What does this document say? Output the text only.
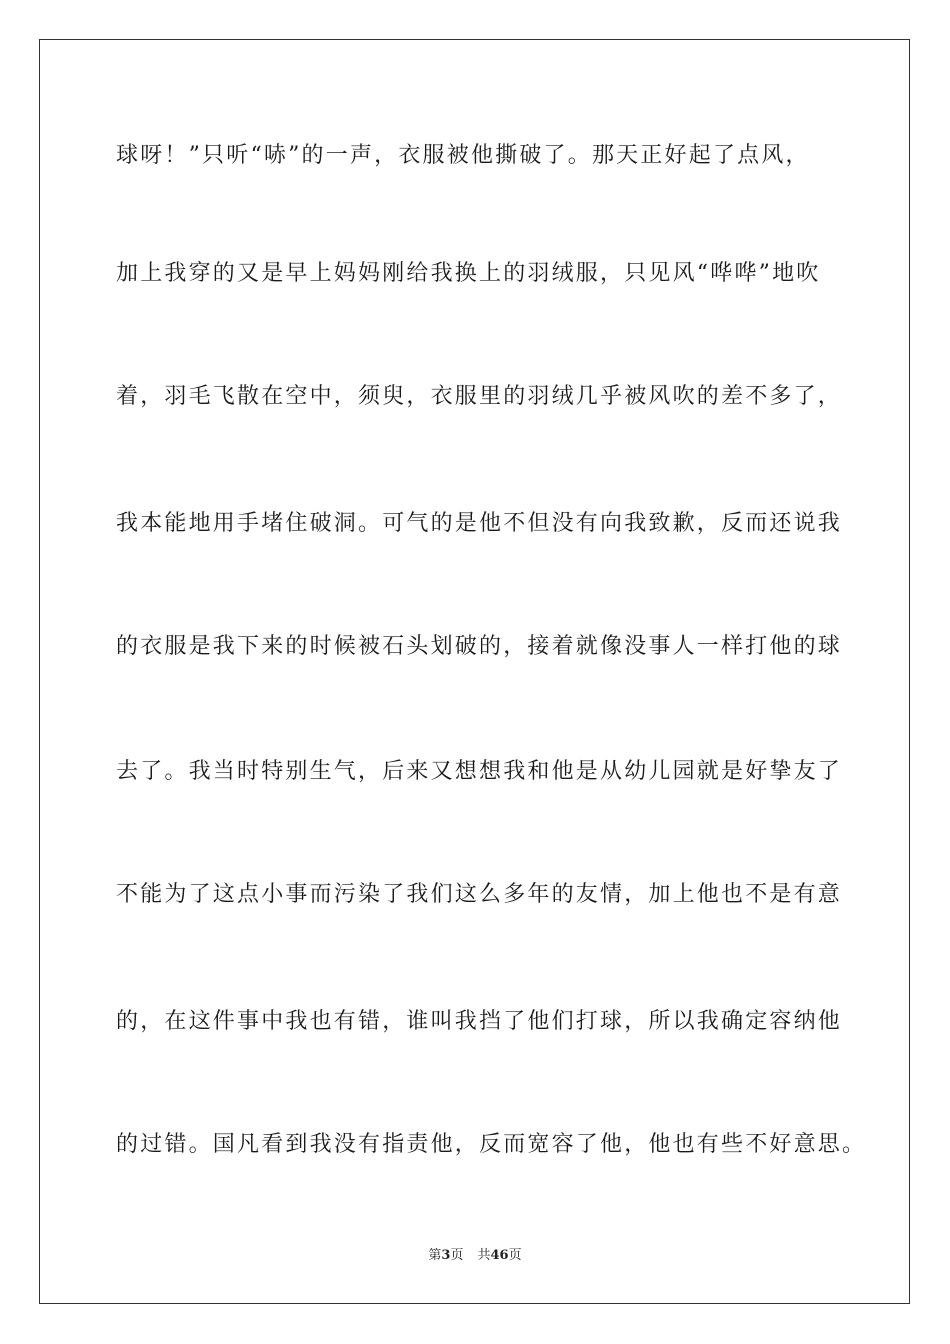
球呀！”只听“哧”的一声，衣服被他撕破了。那天正好起了点风，
加上我穿的又是早上妈妈刚给我换上的羽绒服，只见风“哗哗”地吹
着，羽毛飞散在空中，须臾，衣服里的羽绒几乎被风吹的差不多了，
我本能地用手堵住破洞。可气的是他不但没有向我致歉，反而还说我
的衣服是我下来的时候被石头划破的，接着就像没事人一样打他的球
去了。我当时特别生气，后来又想想我和他是从幼儿园就是好挚友了
不能为了这点小事而污染了我们这么多年的友情，加上他也不是有意
的，在这件事中我也有错，谁叫我挡了他们打球，所以我确定容纳他
的过错。国凡看到我没有指责他，反而宽容了他，他也有些不好意思。
第3页 共46页
